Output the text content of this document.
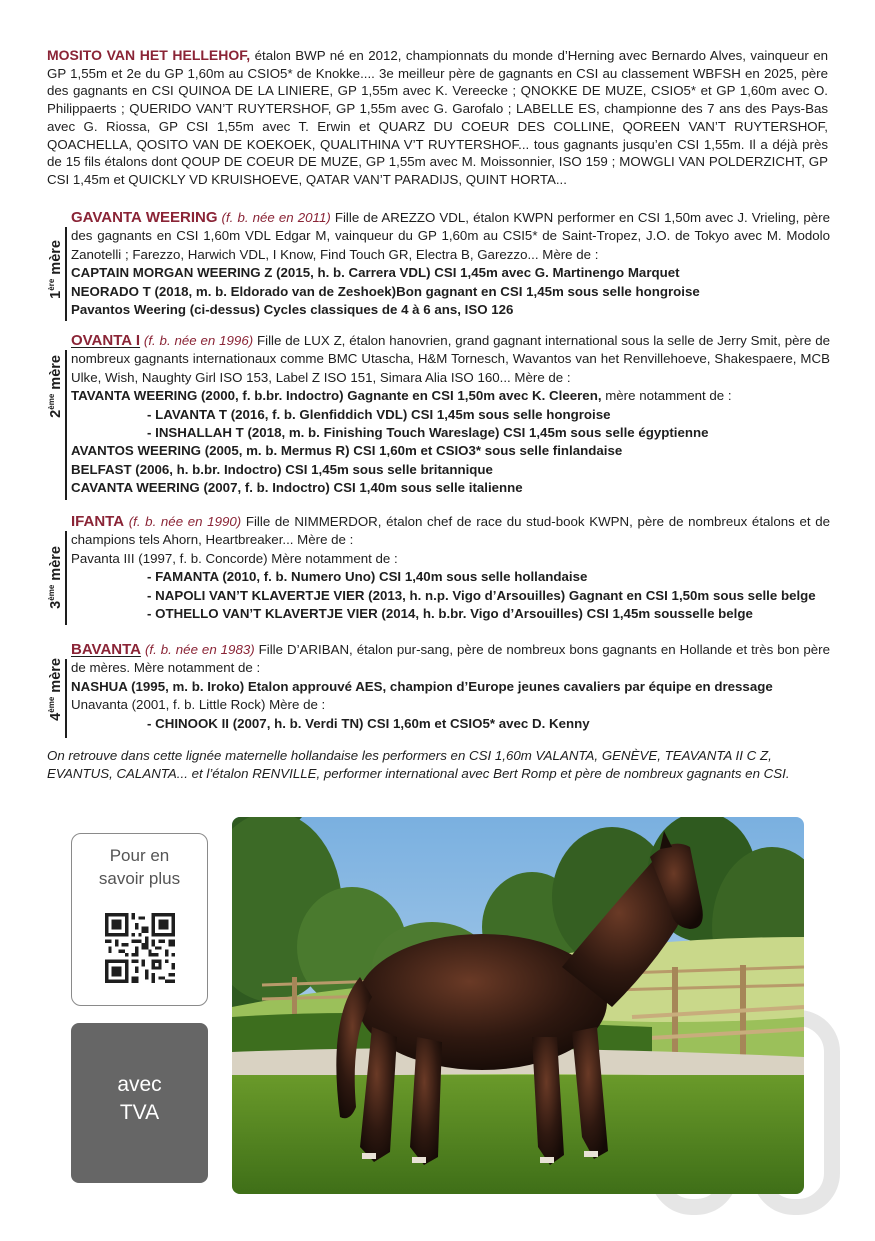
MOSITO VAN HET HELLEHOF, étalon BWP né en 2012, championnats du monde d’Herning avec Bernardo Alves, vainqueur en GP 1,55m et 2e du GP 1,60m au CSIO5* de Knokke.... 3e meilleur père de gagnants en CSI au classement WBFSH en 2025, père des gagnants en CSI QUINOA DE LA LINIERE, GP 1,55m avec K. Vereecke ; QNOKKE DE MUZE, CSIO5* et GP 1,60m avec O. Philippaerts ; QUERIDO VAN’T RUYTERSHOF, GP 1,55m avec G. Garofalo ; LABELLE ES, championne des 7 ans des Pays-Bas avec G. Riossa, GP CSI 1,55m avec T. Erwin et QUARZ DU COEUR DES COLLINE, QOREEN VAN’T RUYTERSHOF, QOACHELLA, QOSITO VAN DE KOEKOEK, QUALITHINA V’T RUYTERSHOF... tous gagnants jusqu’en CSI 1,55m. Il a déjà près de 15 fils étalons dont QOUP DE COEUR DE MUZE, GP 1,55m avec M. Moissonnier, ISO 159 ; MOWGLI VAN POLDERZICHT, GP CSI 1,45m et QUICKLY VD KRUISHOEVE, QATAR VAN’T PARADIJS, QUINT HORTA...

1ère mère
GAVANTA WEERING (f. b. née en 2011) Fille de AREZZO VDL, étalon KWPN performer en CSI 1,50m avec J. Vrieling, père des gagnants en CSI 1,60m VDL Edgar M, vainqueur du GP 1,60m au CSI5* de Saint-Tropez, J.O. de Tokyo avec M. Modolo Zanotelli ; Farezzo, Harwich VDL, I Know, Find Touch GR, Electra B, Garezzo... Mère de :
CAPTAIN MORGAN WEERING Z (2015, h. b. Carrera VDL) CSI 1,45m avec G. Martinengo Marquet
NEORADO T (2018, m. b. Eldorado van de Zeshoek)Bon gagnant en CSI 1,45m sous selle hongroise
Pavantos Weering (ci-dessus) Cycles classiques de 4 à 6 ans, ISO 126
2ème mère
OVANTA I (f. b. née en 1996) Fille de LUX Z, étalon hanovrien, grand gagnant international sous la selle de Jerry Smit, père de nombreux gagnants internationaux comme BMC Utascha, H&M Tornesch, Wavantos van het Renvillehoeve, Shakespaere, MCB Ulke, Wish, Naughty Girl ISO 153, Label Z ISO 151, Simara Alia ISO 160... Mère de :
TAVANTA WEERING (2000, f. b.br. Indoctro) Gagnante en CSI 1,50m avec K. Cleeren, mère notamment de :
- LAVANTA T (2016, f. b. Glenfiddich VDL) CSI 1,45m sous selle hongroise
- INSHALLAH T (2018, m. b. Finishing Touch Wareslage) CSI 1,45m sous selle égyptienne
AVANTOS WEERING (2005, m. b. Mermus R) CSI 1,60m et CSIO3* sous selle finlandaise
BELFAST (2006, h. b.br. Indoctro) CSI 1,45m sous selle britannique
CAVANTA WEERING (2007, f. b. Indoctro) CSI 1,40m sous selle italienne
3ème mère
IFANTA (f. b. née en 1990) Fille de NIMMERDOR, étalon chef de race du stud-book KWPN, père de nombreux étalons et de champions tels Ahorn, Heartbreaker... Mère de :
Pavanta III (1997, f. b. Concorde) Mère notamment de :
- FAMANTA (2010, f. b. Numero Uno) CSI 1,40m sous selle hollandaise
- NAPOLI VAN’T KLAVERTJE VIER (2013, h. n.p. Vigo d’Arsouilles) Gagnant en CSI 1,50m sous selle belge
- OTHELLO VAN’T KLAVERTJE VIER (2014, h. b.br. Vigo d’Arsouilles) CSI 1,45m sousselle belge
4ème mère
BAVANTA (f. b. née en 1983) Fille D’ARIBAN, étalon pur-sang, père de nombreux bons gagnants en Hollande et très bon père de mères. Mère notamment de :
NASHUA (1995, m. b. Iroko) Etalon approuvé AES, champion d’Europe jeunes cavaliers par équipe en dressage
Unavanta (2001, f. b. Little Rock) Mère de :
- CHINOOK II (2007, h. b. Verdi TN) CSI 1,60m et CSIO5* avec D. Kenny

On retrouve dans cette lignée maternelle hollandaise les performers en CSI 1,60m VALANTA, GENÈVE, TEAVANTA II C Z, EVANTUS, CALANTA... et l’étalon RENVILLE, performer international avec Bert Romp et père de nombreux gagnants en CSI.

Pour en
savoir plus
avec
TVA
